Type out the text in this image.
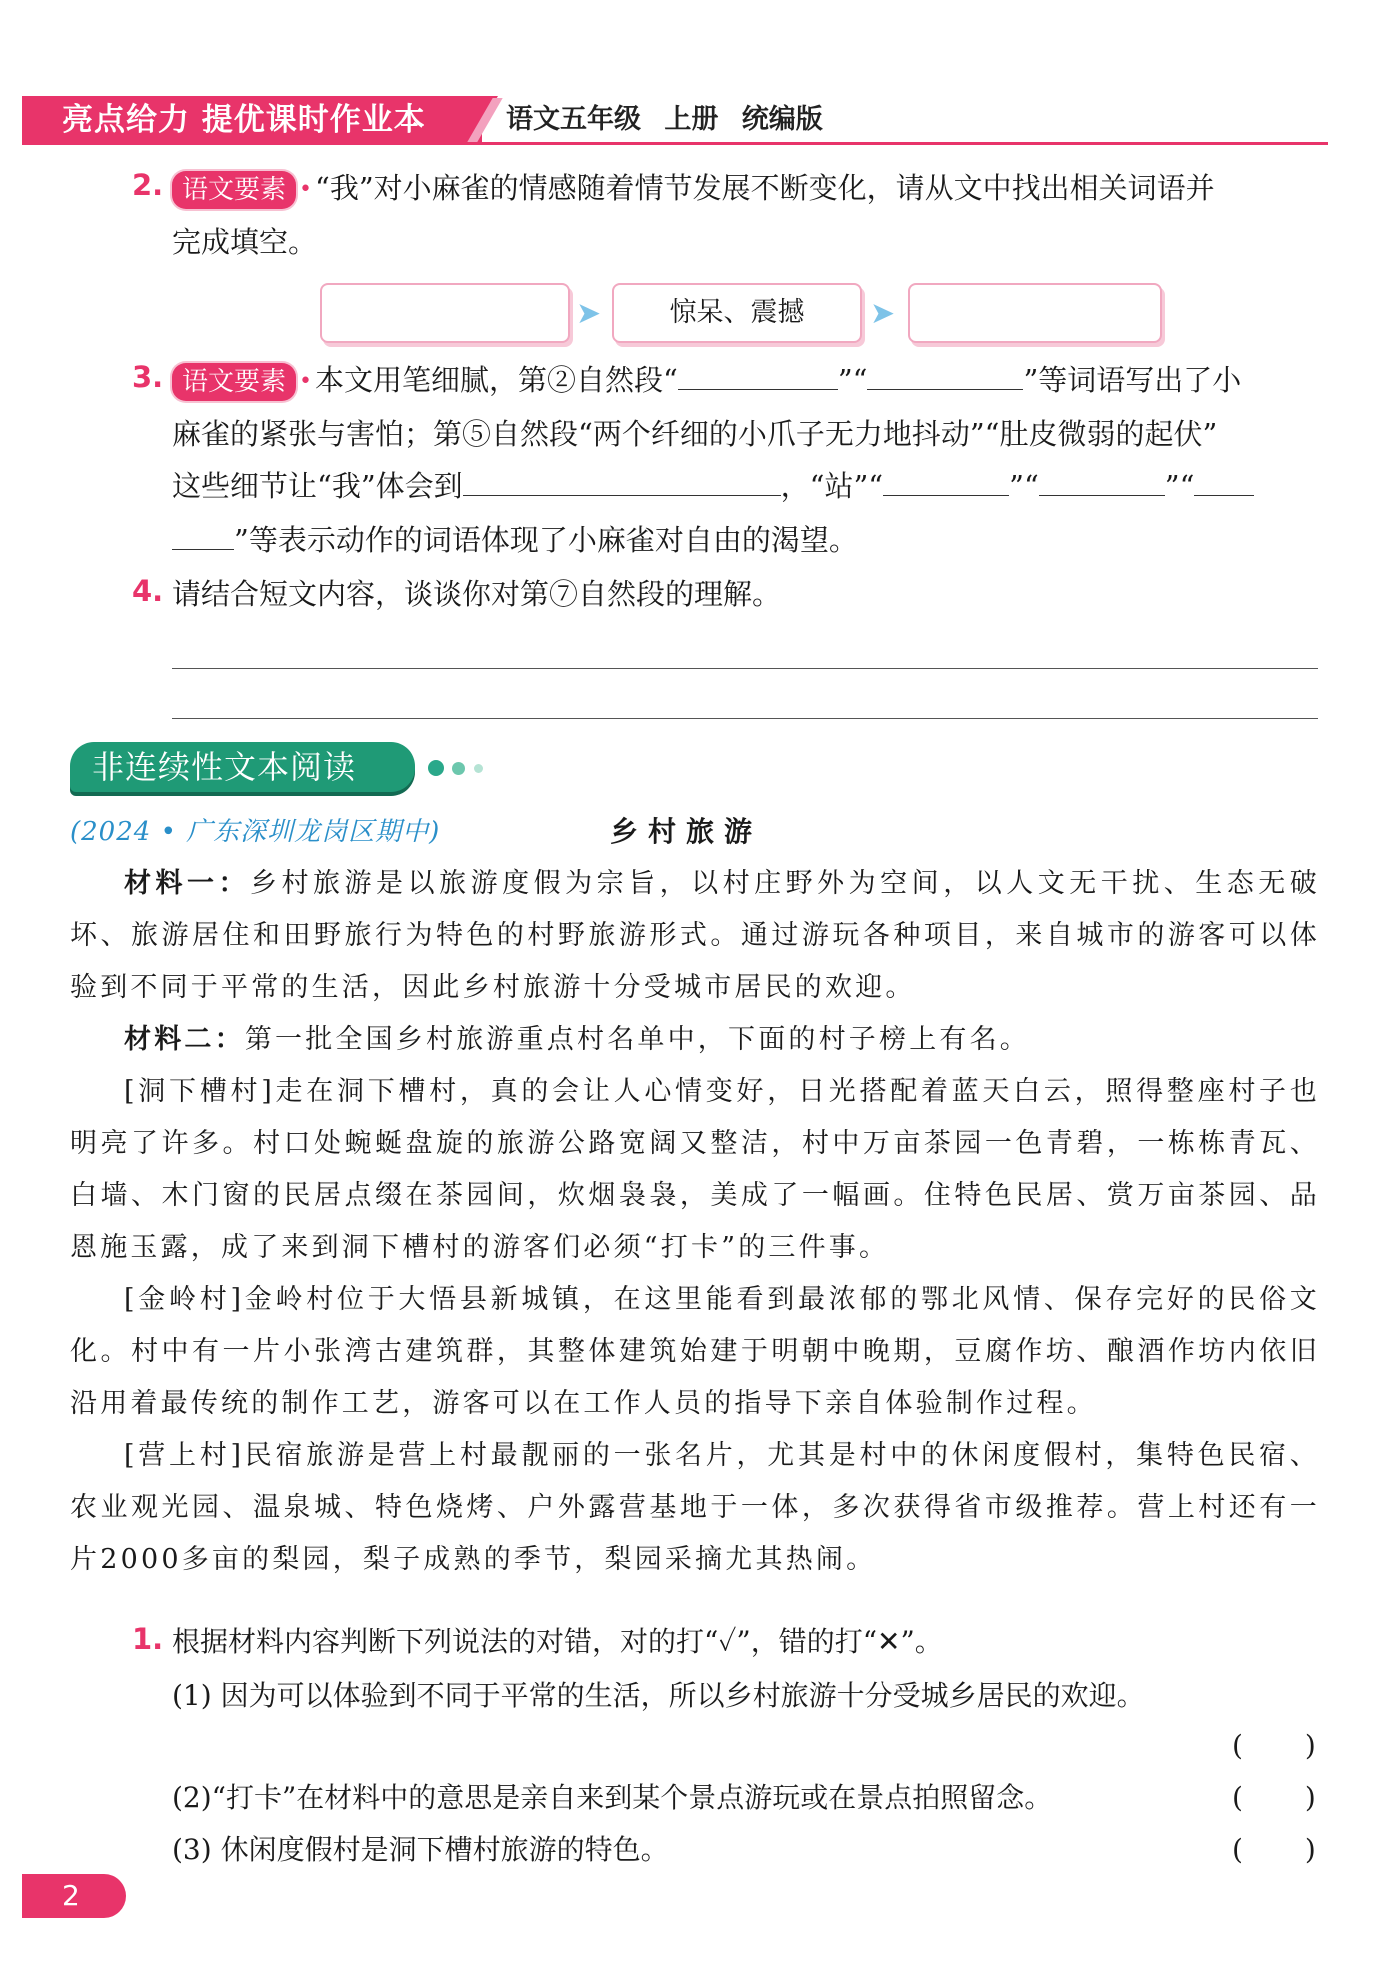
亮点给力 提优课时作业本	语文五年级 上册 统编版
2. 语文要素 • “我”对小麻雀的情感随着情节发展不断变化，请从文中找出相关词语并
完成填空。
➤	惊呆、震撼	➤
3. 语文要素 • 本文用笔细腻，第②自然段“	”“	”等词语写出了小
麻雀的紧张与害怕；第⑤自然段“两个纤细的小爪子无力地抖动”“肚皮微弱的起伏”
这些细节让“我”体会到	，“站”“	”“	”“
”等表示动作的词语体现了小麻雀对自由的渴望。
4. 请结合短文内容，谈谈你对第⑦自然段的理解。
非连续性文本阅读
(2024 • 广东深圳龙岗区期中)	乡村旅游

材料一：乡村旅游是以旅游度假为宗旨，以村庄野外为空间，以人文无干扰、生态无破坏、旅游居住和田野旅行为特色的村野旅游形式。通过游玩各种项目，来自城市的游客可以体验到不同于平常的生活，因此乡村旅游十分受城市居民的欢迎。

材料二：第一批全国乡村旅游重点村名单中，下面的村子榜上有名。

[洞下槽村]走在洞下槽村，真的会让人心情变好，日光搭配着蓝天白云，照得整座村子也明亮了许多。村口处蜿蜒盘旋的旅游公路宽阔又整洁，村中万亩茶园一色青碧，一栋栋青瓦、白墙、木门窗的民居点缀在茶园间，炊烟袅袅，美成了一幅画。住特色民居、赏万亩茶园、品恩施玉露，成了来到洞下槽村的游客们必须“打卡”的三件事。

[金岭村]金岭村位于大悟县新城镇，在这里能看到最浓郁的鄂北风情、保存完好的民俗文化。村中有一片小张湾古建筑群，其整体建筑始建于明朝中晚期，豆腐作坊、酿酒作坊内依旧沿用着最传统的制作工艺，游客可以在工作人员的指导下亲自体验制作过程。

[营上村]民宿旅游是营上村最靓丽的一张名片，尤其是村中的休闲度假村，集特色民宿、农业观光园、温泉城、特色烧烤、户外露营基地于一体，多次获得省市级推荐。营上村还有一片2000多亩的梨园，梨子成熟的季节，梨园采摘尤其热闹。

1. 根据材料内容判断下列说法的对错，对的打“✓”，错的打“✕”。
(1) 因为可以体验到不同于平常的生活，所以乡村旅游十分受城乡居民的欢迎。
()
(2)“打卡”在材料中的意思是亲自来到某个景点游玩或在景点拍照留念。	()
(3) 休闲度假村是洞下槽村旅游的特色。	()
2
